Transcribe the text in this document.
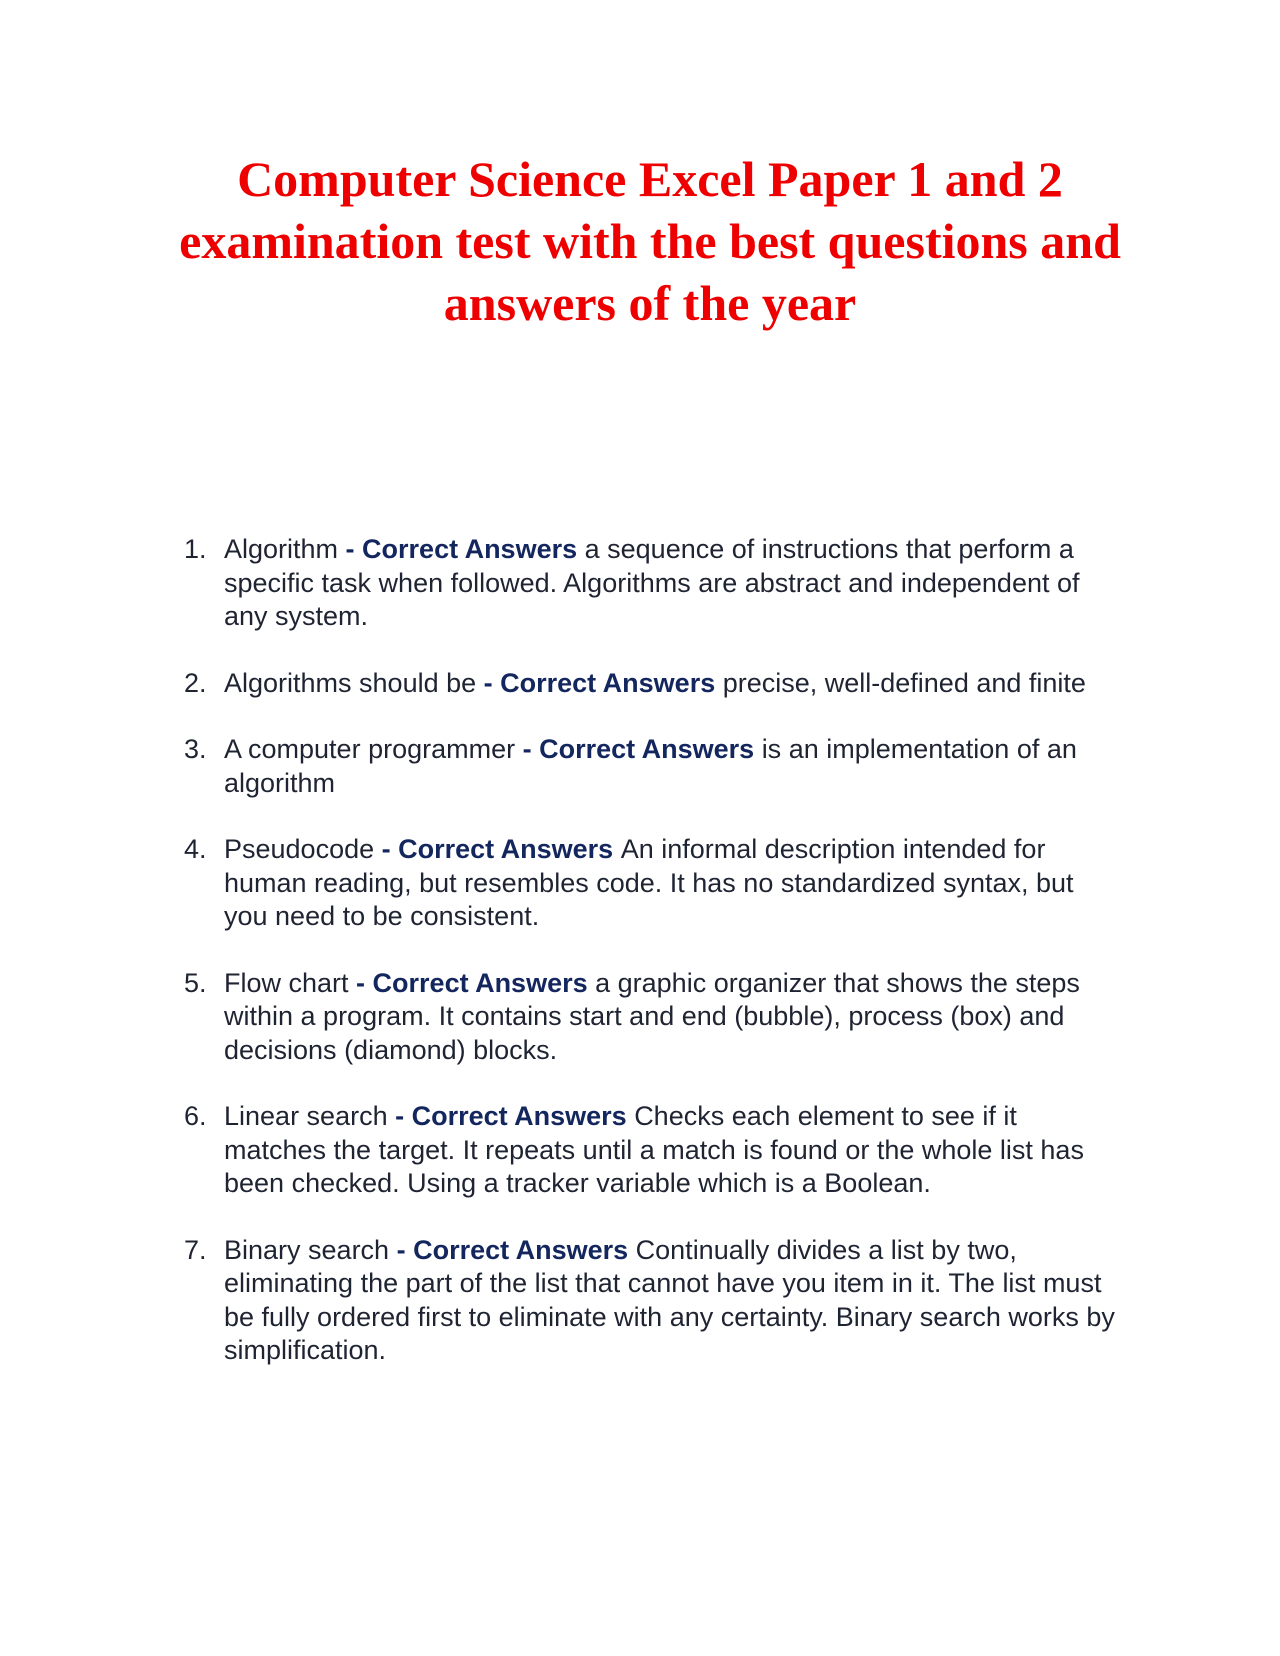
Computer Science Excel Paper 1 and 2 examination test with the best questions and answers of the year
1. Algorithm - Correct Answers a sequence of instructions that perform a specific task when followed. Algorithms are abstract and independent of any system.
2. Algorithms should be - Correct Answers precise, well-defined and finite
3. A computer programmer - Correct Answers is an implementation of an algorithm
4. Pseudocode - Correct Answers An informal description intended for human reading, but resembles code. It has no standardized syntax, but you need to be consistent.
5. Flow chart - Correct Answers a graphic organizer that shows the steps within a program. It contains start and end (bubble), process (box) and decisions (diamond) blocks.
6. Linear search - Correct Answers Checks each element to see if it matches the target. It repeats until a match is found or the whole list has been checked. Using a tracker variable which is a Boolean.
7. Binary search - Correct Answers Continually divides a list by two, eliminating the part of the list that cannot have you item in it. The list must be fully ordered first to eliminate with any certainty. Binary search works by simplification.
